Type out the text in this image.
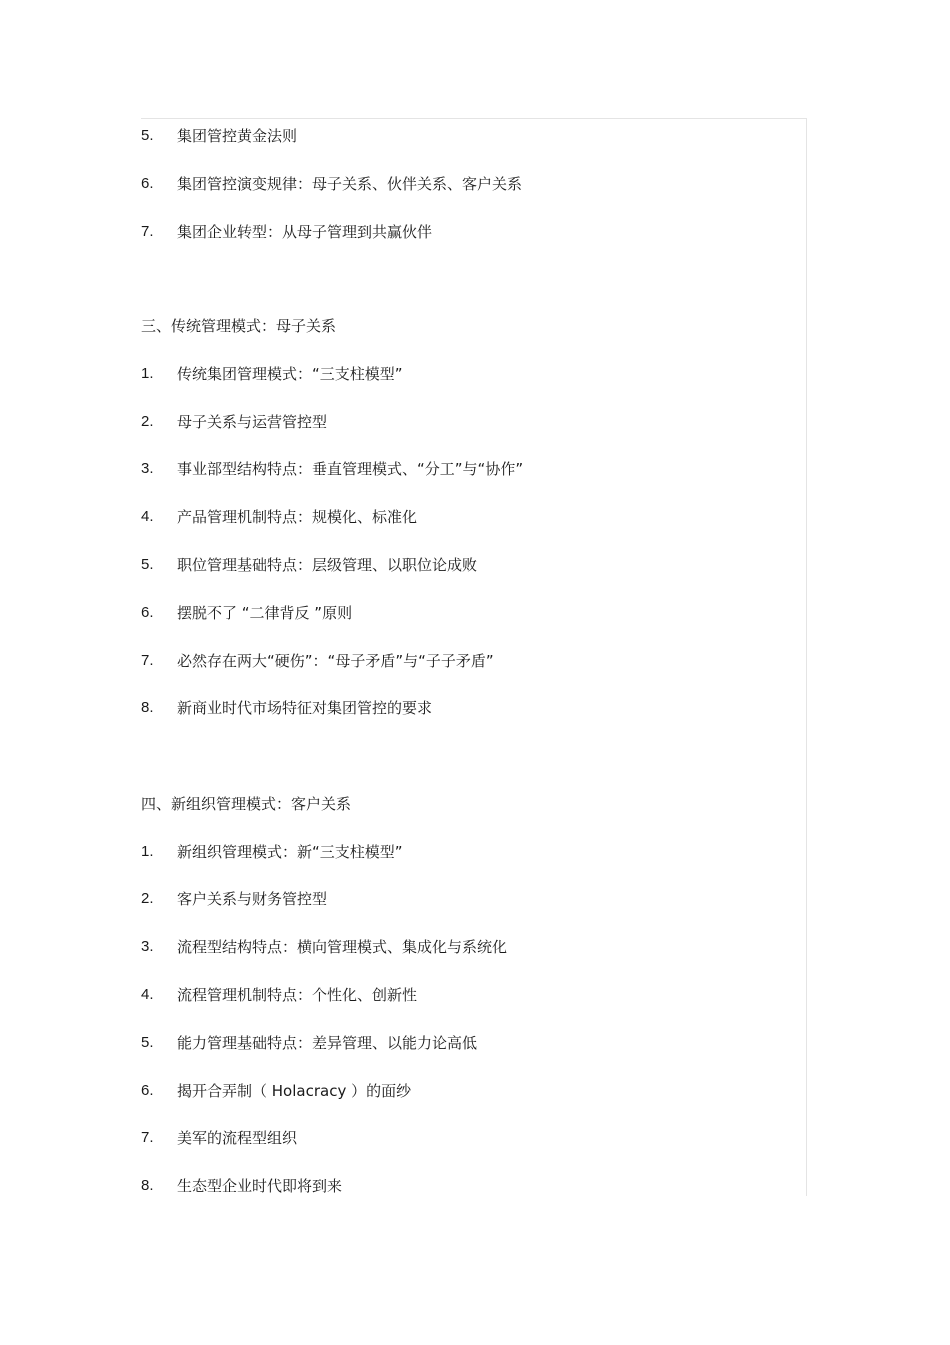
5. 集团管控黄金法则
6. 集团管控演变规律：母子关系、伙伴关系、客户关系
7. 集团企业转型：从母子管理到共赢伙伴
三、传统管理模式：母子关系
1. 传统集团管理模式：“三支柱模型”
2. 母子关系与运营管控型
3. 事业部型结构特点：垂直管理模式、“分工”与“协作”
4. 产品管理机制特点：规模化、标准化
5. 职位管理基础特点：层级管理、以职位论成败
6. 摆脱不了 “二律背反 ”原则
7. 必然存在两大“硬伤”：“母子矛盾”与“子子矛盾”
8. 新商业时代市场特征对集团管控的要求
四、新组织管理模式：客户关系
1. 新组织管理模式：新“三支柱模型”
2. 客户关系与财务管控型
3. 流程型结构特点：横向管理模式、集成化与系统化
4. 流程管理机制特点：个性化、创新性
5. 能力管理基础特点：差异管理、以能力论高低
6. 揭开合弄制（ Holacracy ）的面纱
7. 美军的流程型组织
8. 生态型企业时代即将到来
